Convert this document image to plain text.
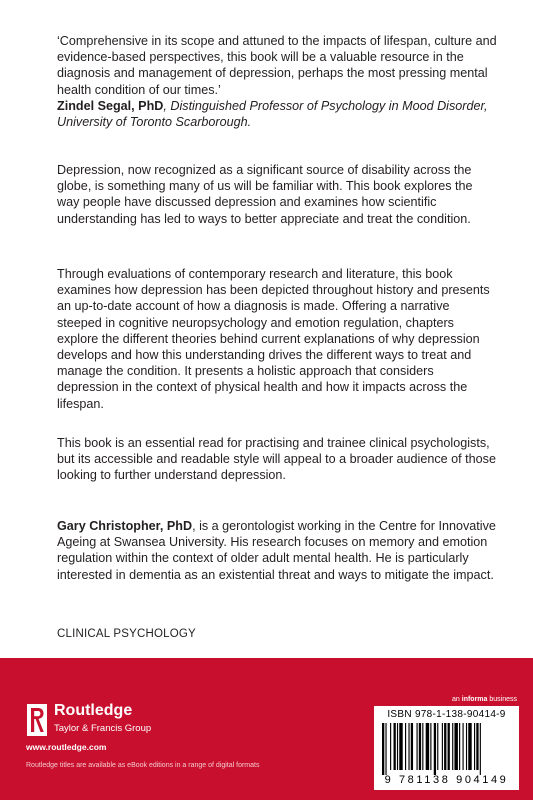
‘Comprehensive in its scope and attuned to the impacts of lifespan, culture and evidence-based perspectives, this book will be a valuable resource in the diagnosis and management of depression, perhaps the most pressing mental health condition of our times.’
Zindel Segal, PhD, Distinguished Professor of Psychology in Mood Disorder, University of Toronto Scarborough.
Depression, now recognized as a significant source of disability across the globe, is something many of us will be familiar with. This book explores the way people have discussed depression and examines how scientific understanding has led to ways to better appreciate and treat the condition.
Through evaluations of contemporary research and literature, this book examines how depression has been depicted throughout history and presents an up-to-date account of how a diagnosis is made. Offering a narrative steeped in cognitive neuropsychology and emotion regulation, chapters explore the different theories behind current explanations of why depression develops and how this understanding drives the different ways to treat and manage the condition. It presents a holistic approach that considers depression in the context of physical health and how it impacts across the lifespan.
This book is an essential read for practising and trainee clinical psychologists, but its accessible and readable style will appeal to a broader audience of those looking to further understand depression.
Gary Christopher, PhD, is a gerontologist working in the Centre for Innovative Ageing at Swansea University. His research focuses on memory and emotion regulation within the context of older adult mental health. He is particularly interested in dementia as an existential threat and ways to mitigate the impact.
CLINICAL PSYCHOLOGY
Routledge
Taylor & Francis Group
www.routledge.com
Routledge titles are available as eBook editions in a range of digital formats
an informa business
ISBN 978-1-138-90414-9
9 781138 904149
